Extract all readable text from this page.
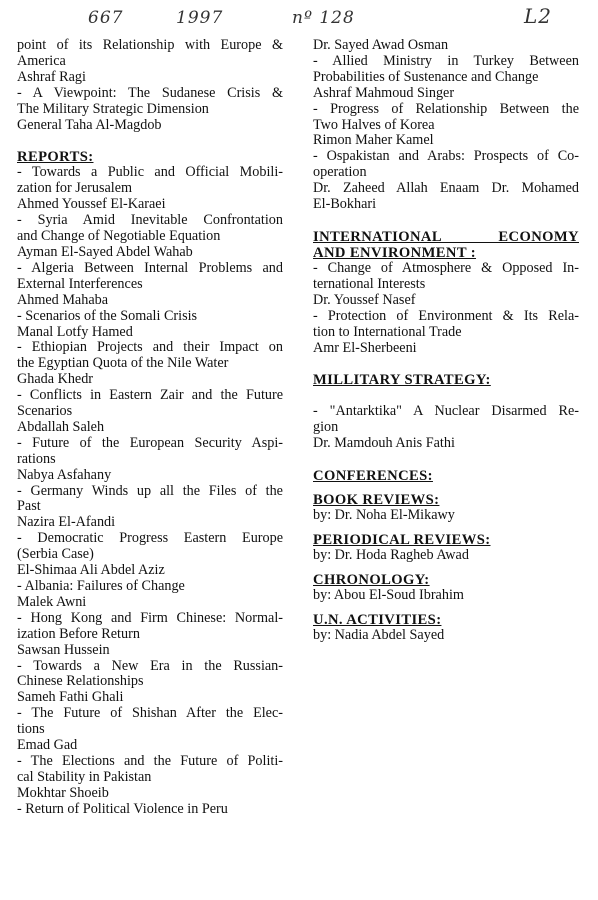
667	1997	nº 128	L2
point of its Relationship with Europe &
America
Ashraf Ragi
- A Viewpoint: The Sudanese Crisis &
The Military Strategic Dimension
General Taha Al-Magdob
REPORTS:
- Towards a Public and Official Mobili-
zation for Jerusalem
Ahmed Youssef El-Karaei
- Syria Amid Inevitable Confrontation
and Change of Negotiable Equation
Ayman El-Sayed Abdel Wahab
- Algeria Between Internal Problems and
External Interferences
Ahmed Mahaba
- Scenarios of the Somali Crisis
Manal Lotfy Hamed
- Ethiopian Projects and their Impact on
the Egyptian Quota of the Nile Water
Ghada Khedr
- Conflicts in Eastern Zair and the Future
Scenarios
Abdallah Saleh
- Future of the European Security Aspi-
rations
Nabya Asfahany
- Germany Winds up all the Files of the
Past
Nazira El-Afandi
- Democratic Progress Eastern Europe
(Serbia Case)
El-Shimaa Ali Abdel Aziz
- Albania: Failures of Change
Malek Awni
- Hong Kong and Firm Chinese: Normal-
ization Before Return
Sawsan Hussein
- Towards a New Era in the Russian-
Chinese Relationships
Sameh Fathi Ghali
- The Future of Shishan After the Elec-
tions
Emad Gad
- The Elections and the Future of Politi-
cal Stability in Pakistan
Mokhtar Shoeib
- Return of Political Violence in Peru
Dr. Sayed Awad Osman
- Allied Ministry in Turkey Between
Probabilities of Sustenance and Change
Ashraf Mahmoud Singer
- Progress of Relationship Between the
Two Halves of Korea
Rimon Maher Kamel
- Ospakistan and Arabs: Prospects of Co-
operation
Dr. Zaheed Allah Enaam Dr. Mohamed
El-Bokhari
INTERNATIONAL ECONOMY
AND ENVIRONMENT :
- Change of Atmosphere & Opposed In-
ternational Interests
Dr. Youssef Nasef
- Protection of Environment & Its Rela-
tion to International Trade
Amr El-Sherbeeni
MILLITARY STRATEGY:
- "Antarktika" A Nuclear Disarmed Re-
gion
Dr. Mamdouh Anis Fathi
CONFERENCES:
BOOK REVIEWS:
by: Dr. Noha El-Mikawy
PERIODICAL REVIEWS:
by: Dr. Hoda Ragheb Awad
CHRONOLOGY:
by: Abou El-Soud Ibrahim
U.N. ACTIVITIES:
by: Nadia Abdel Sayed
